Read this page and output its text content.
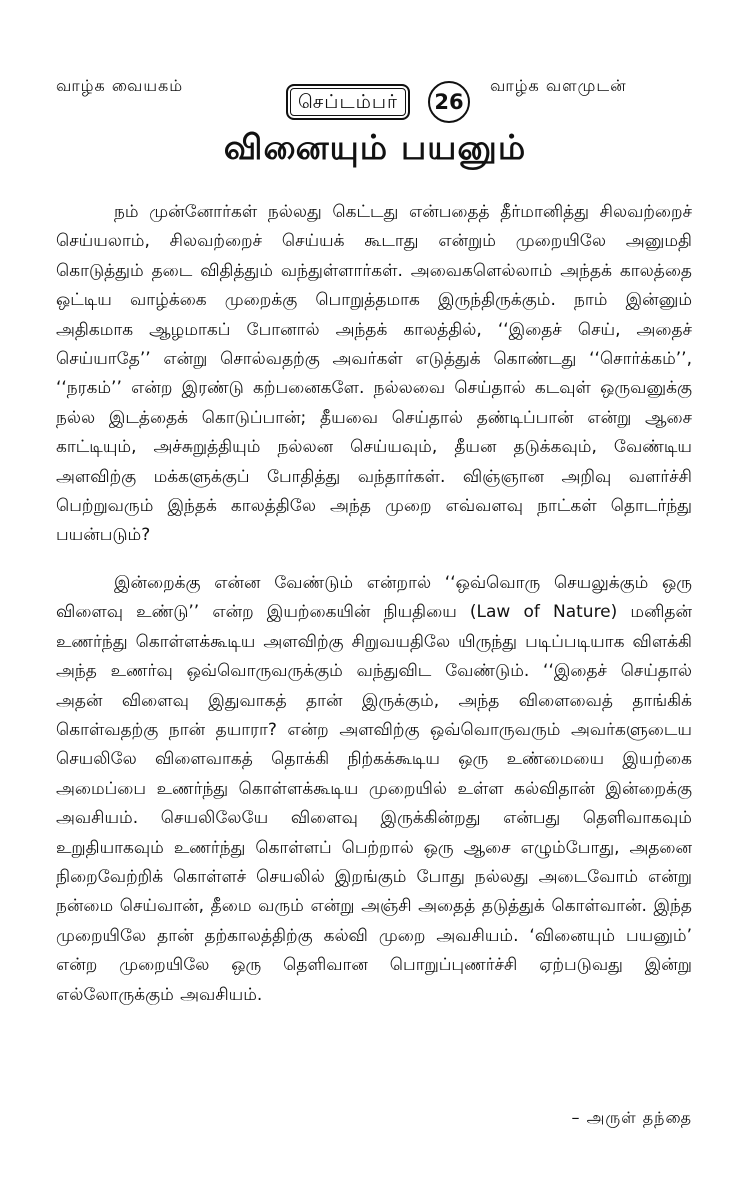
வாழ்க வையகம்
செப்டம்பர்	26
வாழ்க வளமுடன்
வினையும் பயனும்

நம் முன்னோர்கள் நல்லது கெட்டது என்பதைத் தீர்மானித்து சிலவற்றைச் செய்யலாம், சிலவற்றைச் செய்யக் கூடாது என்றும் முறையிலே அனுமதி கொடுத்தும் தடை விதித்தும் வந்துள்ளார்கள். அவைகளெல்லாம் அந்தக் காலத்தை ஒட்டிய வாழ்க்கை முறைக்கு பொறுத்தமாக இருந்திருக்கும். நாம் இன்னும் அதிகமாக ஆழமாகப் போனால் அந்தக் காலத்தில், ‘‘இதைச் செய், அதைச் செய்யாதே’’ என்று சொல்வதற்கு அவர்கள் எடுத்துக் கொண்டது ‘‘சொர்க்கம்’’, ‘‘நரகம்’’ என்ற இரண்டு கற்பனைகளே. நல்லவை செய்தால் கடவுள் ஒருவனுக்கு நல்ல இடத்தைக் கொடுப்பான்; தீயவை செய்தால் தண்டிப்பான் என்று ஆசை காட்டியும், அச்சுறுத்தியும் நல்லன செய்யவும், தீயன தடுக்கவும், வேண்டிய அளவிற்கு மக்களுக்குப் போதித்து வந்தார்கள். விஞ்ஞான அறிவு வளர்ச்சி பெற்றுவரும் இந்தக் காலத்திலே அந்த முறை எவ்வளவு நாட்கள் தொடர்ந்து பயன்படும்?

இன்றைக்கு என்ன வேண்டும் என்றால் ‘‘ஒவ்வொரு செயலுக்கும் ஒரு விளைவு உண்டு’’ என்ற இயற்கையின் நியதியை (Law of Nature) மனிதன் உணர்ந்து கொள்ளக்கூடிய அளவிற்கு சிறுவயதிலே யிருந்து படிப்படியாக விளக்கி அந்த உணர்வு ஒவ்வொருவருக்கும் வந்துவிட வேண்டும். ‘‘இதைச் செய்தால் அதன் விளைவு இதுவாகத் தான் இருக்கும், அந்த விளைவைத் தாங்கிக் கொள்வதற்கு நான் தயாரா? என்ற அளவிற்கு ஒவ்வொருவரும் அவர்களுடைய செயலிலே விளைவாகத் தொக்கி நிற்கக்கூடிய ஒரு உண்மையை இயற்கை அமைப்பை உணர்ந்து கொள்ளக்கூடிய முறையில் உள்ள கல்விதான் இன்றைக்கு அவசியம். செயலிலேயே விளைவு இருக்கின்றது என்பது தெளிவாகவும் உறுதியாகவும் உணர்ந்து கொள்ளப் பெற்றால் ஒரு ஆசை எழும்போது, அதனை நிறைவேற்றிக் கொள்ளச் செயலில் இறங்கும் போது நல்லது அடைவோம் என்று நன்மை செய்வான், தீமை வரும் என்று அஞ்சி அதைத் தடுத்துக் கொள்வான். இந்த முறையிலே தான் தற்காலத்திற்கு கல்வி முறை அவசியம். ‘வினையும் பயனும்’ என்ற முறையிலே ஒரு தெளிவான பொறுப்புணர்ச்சி ஏற்படுவது இன்று எல்லோருக்கும் அவசியம்.

– அருள் தந்தை
